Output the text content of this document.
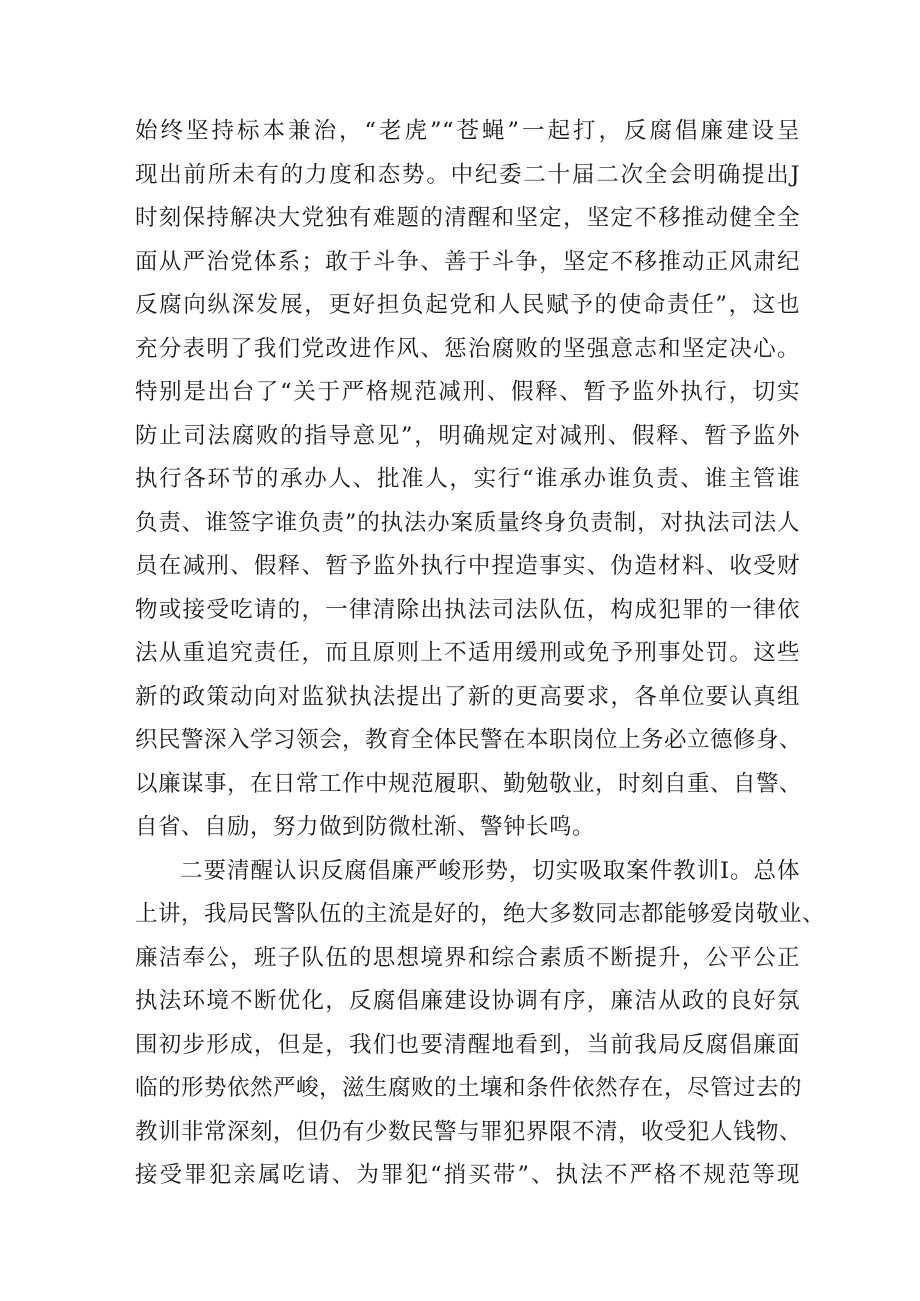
始终坚持标本兼治，“老虎”“苍蝇”一起打，反腐倡廉建设呈
现出前所未有的力度和态势。中纪委二十届二次全会明确提出J
时刻保持解决大党独有难题的清醒和坚定，坚定不移推动健全全
面从严治党体系；敢于斗争、善于斗争，坚定不移推动正风肃纪
反腐向纵深发展，更好担负起党和人民赋予的使命责任”，这也
充分表明了我们党改进作风、惩治腐败的坚强意志和坚定决心。
特别是出台了“关于严格规范减刑、假释、暂予监外执行，切实
防止司法腐败的指导意见”，明确规定对减刑、假释、暂予监外
执行各环节的承办人、批准人，实行“谁承办谁负责、谁主管谁
负责、谁签字谁负责”的执法办案质量终身负责制，对执法司法人
员在减刑、假释、暂予监外执行中捏造事实、伪造材料、收受财
物或接受吃请的，一律清除出执法司法队伍，构成犯罪的一律依
法从重追究责任，而且原则上不适用缓刑或免予刑事处罚。这些
新的政策动向对监狱执法提出了新的更高要求，各单位要认真组
织民警深入学习领会，教育全体民警在本职岗位上务必立德修身、
以廉谋事，在日常工作中规范履职、勤勉敬业，时刻自重、自警、
自省、自励，努力做到防微杜渐、警钟长鸣。
二要清醒认识反腐倡廉严峻形势，切实吸取案件教训I。总体
上讲，我局民警队伍的主流是好的，绝大多数同志都能够爱岗敬业、
廉洁奉公，班子队伍的思想境界和综合素质不断提升，公平公正
执法环境不断优化，反腐倡廉建设协调有序，廉洁从政的良好氛
围初步形成，但是，我们也要清醒地看到，当前我局反腐倡廉面
临的形势依然严峻，滋生腐败的土壤和条件依然存在，尽管过去的
教训非常深刻，但仍有少数民警与罪犯界限不清，收受犯人钱物、
接受罪犯亲属吃请、为罪犯“捎买带”、执法不严格不规范等现
